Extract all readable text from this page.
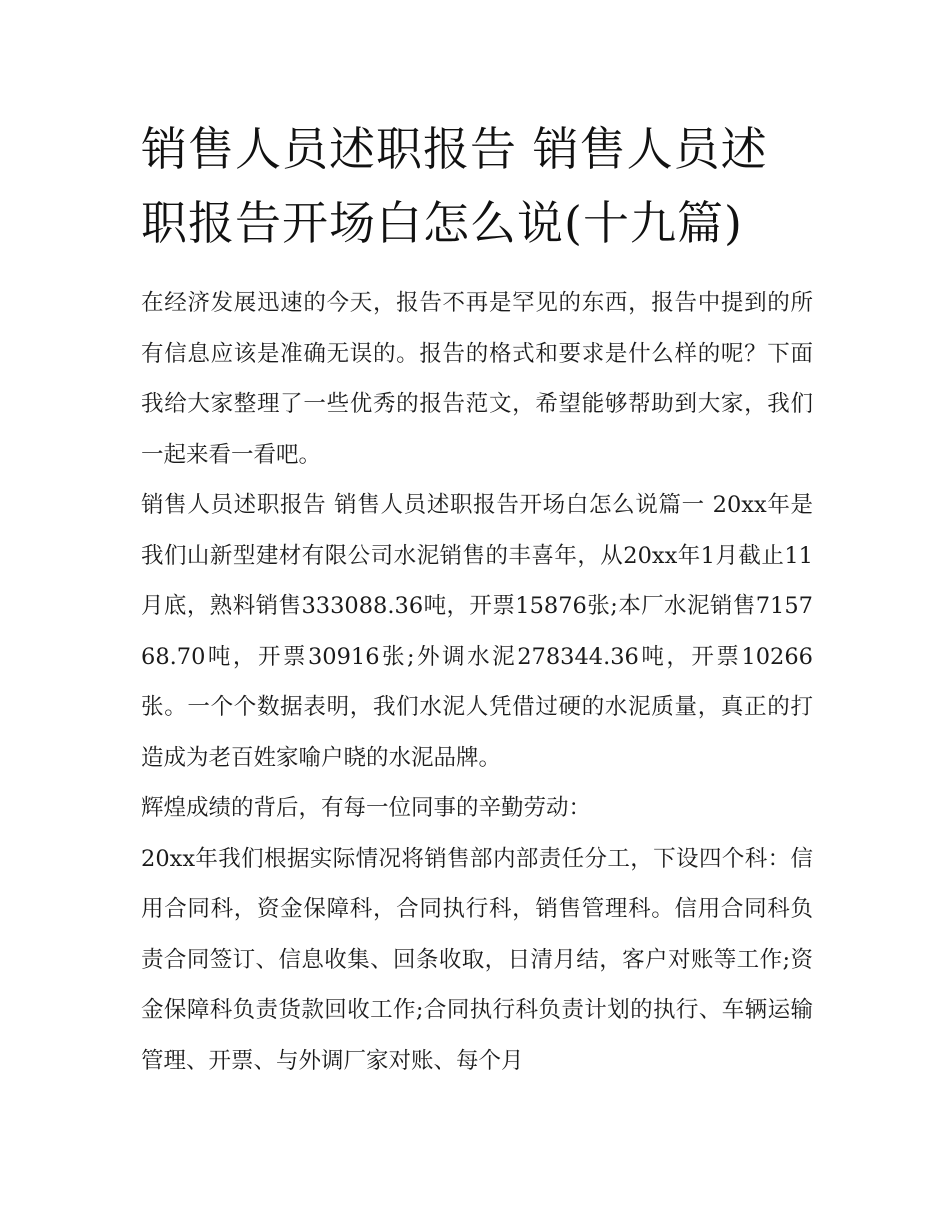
销售人员述职报告 销售人员述职报告开场白怎么说(十九篇)

在经济发展迅速的今天，报告不再是罕见的东西，报告中提到的所有信息应该是准确无误的。报告的格式和要求是什么样的呢？下面我给大家整理了一些优秀的报告范文，希望能够帮助到大家，我们一起来看一看吧。

销售人员述职报告 销售人员述职报告开场白怎么说篇一 20xx年是我们山新型建材有限公司水泥销售的丰喜年，从20xx年1月截止11月底，熟料销售333088.36吨，开票15876张;本厂水泥销售715768.70吨，开票30916张;外调水泥278344.36吨，开票10266张。一个个数据表明，我们水泥人凭借过硬的水泥质量，真正的打造成为老百姓家喻户晓的水泥品牌。

辉煌成绩的背后，有每一位同事的辛勤劳动：

20xx年我们根据实际情况将销售部内部责任分工，下设四个科：信用合同科，资金保障科，合同执行科，销售管理科。信用合同科负责合同签订、信息收集、回条收取，日清月结，客户对账等工作;资金保障科负责货款回收工作;合同执行科负责计划的执行、车辆运输管理、开票、与外调厂家对账、每个月
